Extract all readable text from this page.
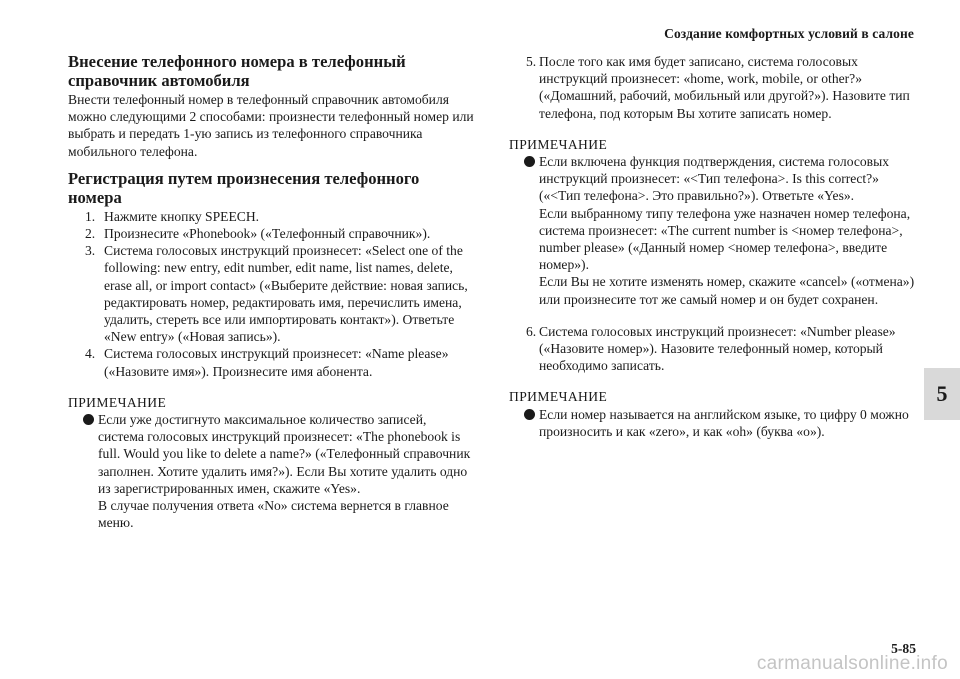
Создание комфортных условий в салоне
Внесение телефонного номера в телефонный справочник автомобиля

Внести телефонный номер в телефонный справочник автомобиля можно следующими 2 способами: произнести телефонный номер или выбрать и передать 1-ую запись из телефонного справочника мобильного телефона.

Регистрация путем произнесения телефонного номера
1. Нажмите кнопку SPEECH.
2. Произнесите «Phonebook» («Телефонный справочник»).
3. Система голосовых инструкций произнесет: «Select one of the following: new entry, edit number, edit name, list names, delete, erase all, or import contact» («Выберите действие: новая запись, редактировать номер, редактировать имя, перечислить имена, удалить, стереть все или импортировать контакт»). Ответьте «New entry» («Новая запись»).
4. Система голосовых инструкций произнесет: «Name please» («Назовите имя»). Произнесите имя абонента.
ПРИМЕЧАНИЕ
Если уже достигнуто максимальное количество записей, система голосовых инструкций произнесет: «The phonebook is full. Would you like to delete a name?» («Телефонный справочник заполнен. Хотите удалить имя?»). Если Вы хотите удалить одно из зарегистрированных имен, скажите «Yes».
В случае получения ответа «No» система вернется в главное меню.
5. После того как имя будет записано, система голосовых инструкций произнесет: «home, work, mobile, or other?» («Домашний, рабочий, мобильный или другой?»). Назовите тип телефона, под которым Вы хотите записать номер.
ПРИМЕЧАНИЕ
Если включена функция подтверждения, система голосовых инструкций произнесет: «<Тип телефона>. Is this correct?» («<Тип телефона>. Это правильно?»). Ответьте «Yes».
Если выбранному типу телефона уже назначен номер телефона, система произнесет: «The current number is <номер телефона>, number please» («Данный номер <номер телефона>, введите номер»).
Если Вы не хотите изменять номер, скажите «cancel» («отмена») или произнесите тот же самый номер и он будет сохранен.
6. Система голосовых инструкций произнесет: «Number please» («Назовите номер»). Назовите телефонный номер, который необходимо записать.
ПРИМЕЧАНИЕ
Если номер называется на английском языке, то цифру 0 можно произносить и как «zero», и как «oh» (буква «о»).
5
5-85
carmanualsonline.info
